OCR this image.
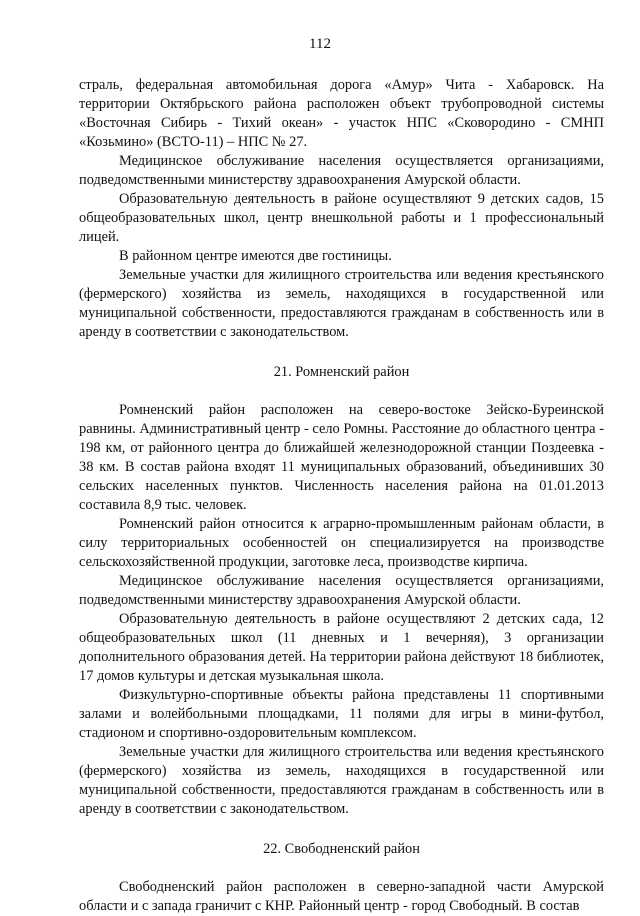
112

страль, федеральная автомобильная дорога «Амур» Чита - Хабаровск. На территории Октябрьского района расположен объект трубопроводной системы «Восточная Сибирь - Тихий океан» - участок НПС «Сковородино - СМНП «Козьмино» (ВСТО-11) – НПС № 27.

Медицинское обслуживание населения осуществляется организациями, подведомственными министерству здравоохранения Амурской области.

Образовательную деятельность в районе осуществляют 9 детских садов, 15 общеобразовательных школ, центр внешкольной работы и 1 профессиональный лицей.

В районном центре имеются две гостиницы.

Земельные участки для жилищного строительства или ведения крестьянского (фермерского) хозяйства из земель, находящихся в государственной или муниципальной собственности, предоставляются гражданам в собственность или в аренду в соответствии с законодательством.

21. Ромненский район

Ромненский район расположен на северо-востоке Зейско-Буреинской равнины. Административный центр - село Ромны. Расстояние до областного центра - 198 км, от районного центра до ближайшей железнодорожной станции Поздеевка - 38 км. В состав района входят 11 муниципальных образований, объединивших 30 сельских населенных пунктов. Численность населения района на 01.01.2013 составила 8,9 тыс. человек.

Ромненский район относится к аграрно-промышленным районам области, в силу территориальных особенностей он специализируется на производстве сельскохозяйственной продукции, заготовке леса, производстве кирпича.

Медицинское обслуживание населения осуществляется организациями, подведомственными министерству здравоохранения Амурской области.

Образовательную деятельность в районе осуществляют 2 детских сада, 12 общеобразовательных школ (11 дневных и 1 вечерняя), 3 организации дополнительного образования детей. На территории района действуют 18 библиотек, 17 домов культуры и детская музыкальная школа.

Физкультурно-спортивные объекты района представлены 11 спортивными залами и волейбольными площадками, 11 полями для игры в мини-футбол, стадионом и спортивно-оздоровительным комплексом.

Земельные участки для жилищного строительства или ведения крестьянского (фермерского) хозяйства из земель, находящихся в государственной или муниципальной собственности, предоставляются гражданам в собственность или в аренду в соответствии с законодательством.

22. Свободненский район

Свободненский район расположен в северно-западной части Амурской области и с запада граничит с КНР. Районный центр - город Свободный. В состав
